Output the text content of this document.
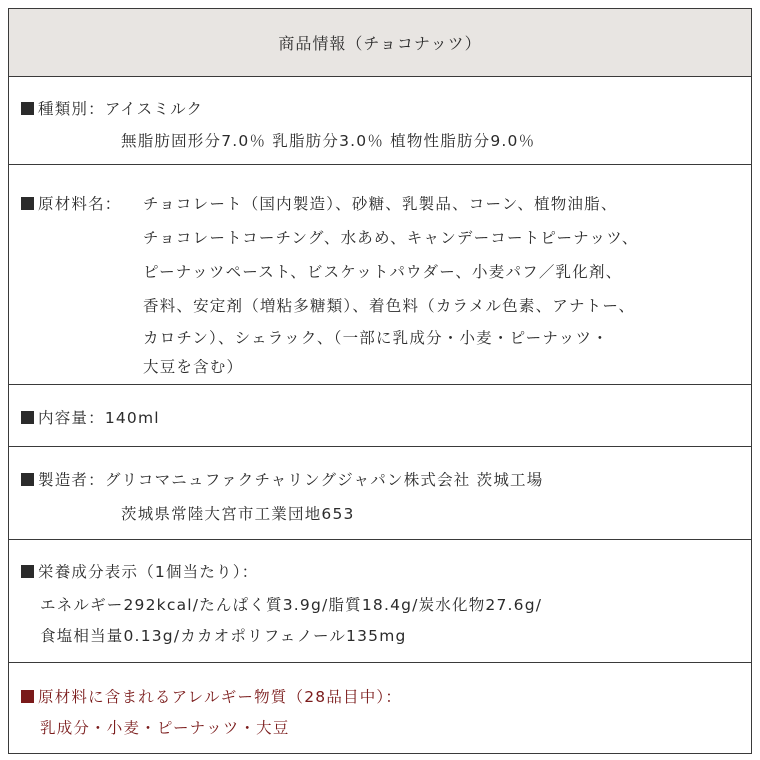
商品情報（チョコナッツ）
種類別：アイスミルク
無脂肪固形分7.0％ 乳脂肪分3.0％ 植物性脂肪分9.0％
原材料名： チョコレート（国内製造）、砂糖、乳製品、コーン、植物油脂、
チョコレートコーチング、水あめ、キャンデーコートピーナッツ、
ピーナッツペースト、ビスケットパウダー、小麦パフ／乳化剤、
香料、安定剤（増粘多糖類）、着色料（カラメル色素、アナトー、
カロチン）、シェラック、（一部に乳成分・小麦・ピーナッツ・
大豆を含む）
内容量：140ml
製造者：グリコマニュファクチャリングジャパン株式会社 茨城工場
茨城県常陸大宮市工業団地653
栄養成分表示（1個当たり）：
エネルギー292kcal/たんぱく質3.9g/脂質18.4g/炭水化物27.6g/
食塩相当量0.13g/カカオポリフェノール135mg
原材料に含まれるアレルギー物質（28品目中）：
乳成分・小麦・ピーナッツ・大豆
